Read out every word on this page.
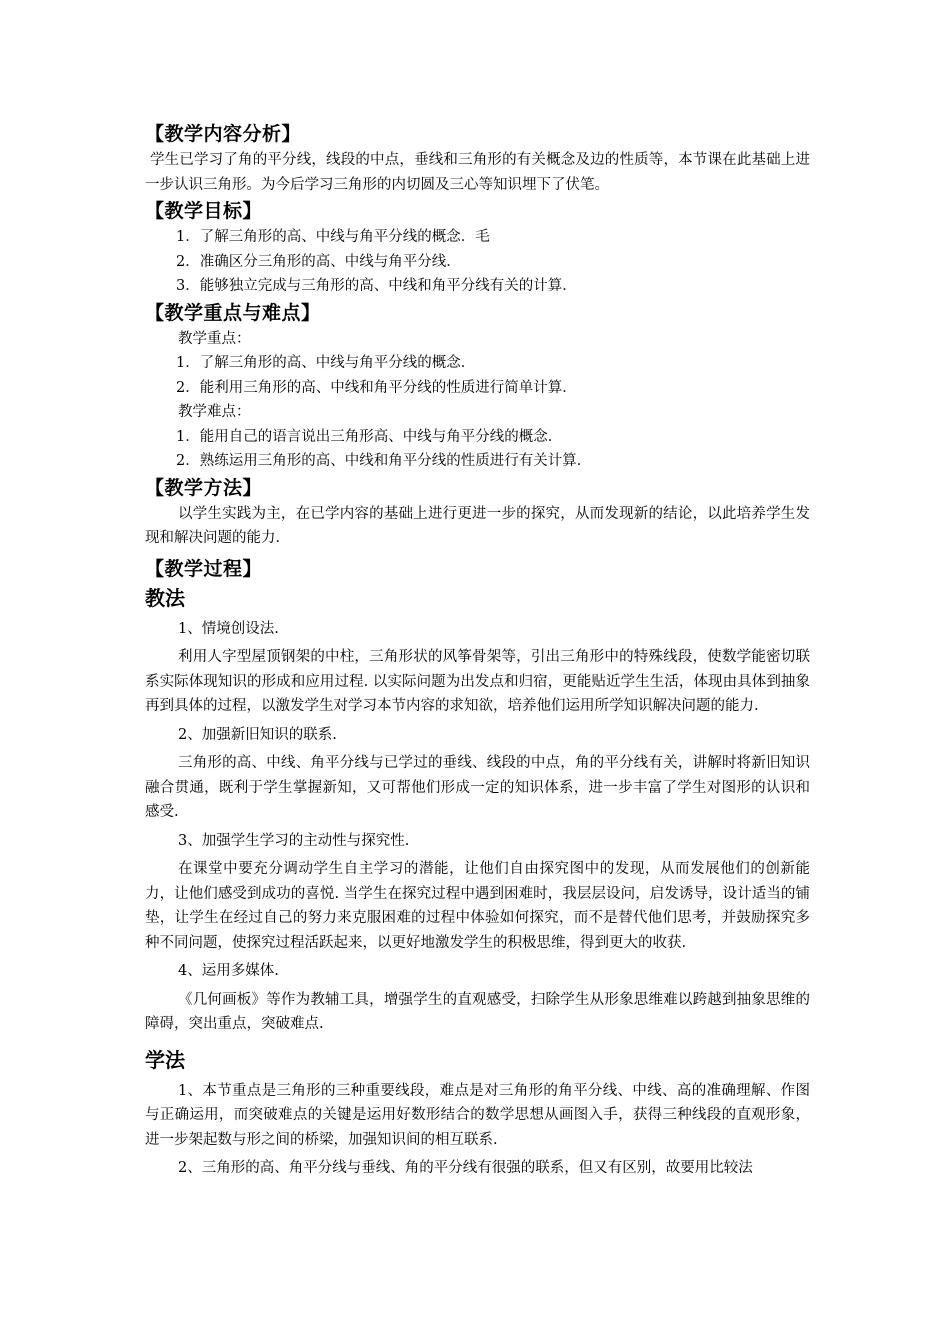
【教学内容分析】

学生已学习了角的平分线，线段的中点，垂线和三角形的有关概念及边的性质等，本节课在此基础上进一步认识三角形。为今后学习三角形的内切圆及三心等知识埋下了伏笔。

【教学目标】

1．了解三角形的高、中线与角平分线的概念．毛

2．准确区分三角形的高、中线与角平分线．

3．能够独立完成与三角形的高、中线和角平分线有关的计算．

【教学重点与难点】

教学重点：

1．了解三角形的高、中线与角平分线的概念．

2．能利用三角形的高、中线和角平分线的性质进行简单计算．

教学难点：

1．能用自己的语言说出三角形高、中线与角平分线的概念．

2．熟练运用三角形的高、中线和角平分线的性质进行有关计算．

【教学方法】

以学生实践为主，在已学内容的基础上进行更进一步的探究，从而发现新的结论，以此培养学生发现和解决问题的能力．

【教学过程】

教法

1、情境创设法.

利用人字型屋顶钢架的中柱，三角形状的风筝骨架等，引出三角形中的特殊线段，使数学能密切联系实际体现知识的形成和应用过程. 以实际问题为出发点和归宿，更能贴近学生生活，体现由具体到抽象再到具体的过程，以激发学生对学习本节内容的求知欲，培养他们运用所学知识解决问题的能力.

2、加强新旧知识的联系.

三角形的高、中线、角平分线与已学过的垂线、线段的中点，角的平分线有关，讲解时将新旧知识融合贯通，既利于学生掌握新知，又可帮他们形成一定的知识体系，进一步丰富了学生对图形的认识和感受.

3、加强学生学习的主动性与探究性.

在课堂中要充分调动学生自主学习的潜能，让他们自由探究图中的发现，从而发展他们的创新能力，让他们感受到成功的喜悦. 当学生在探究过程中遇到困难时，我层层设问，启发诱导，设计适当的铺垫，让学生在经过自己的努力来克服困难的过程中体验如何探究，而不是替代他们思考，并鼓励探究多种不同问题，使探究过程活跃起来，以更好地激发学生的积极思维，得到更大的收获.

4、运用多媒体.

《几何画板》等作为教辅工具，增强学生的直观感受，扫除学生从形象思维难以跨越到抽象思维的障碍，突出重点，突破难点.

学法

1、本节重点是三角形的三种重要线段，难点是对三角形的角平分线、中线、高的准确理解、作图与正确运用，而突破难点的关键是运用好数形结合的数学思想从画图入手，获得三种线段的直观形象，进一步架起数与形之间的桥梁，加强知识间的相互联系.

2、三角形的高、角平分线与垂线、角的平分线有很强的联系，但又有区别，故要用比较法
